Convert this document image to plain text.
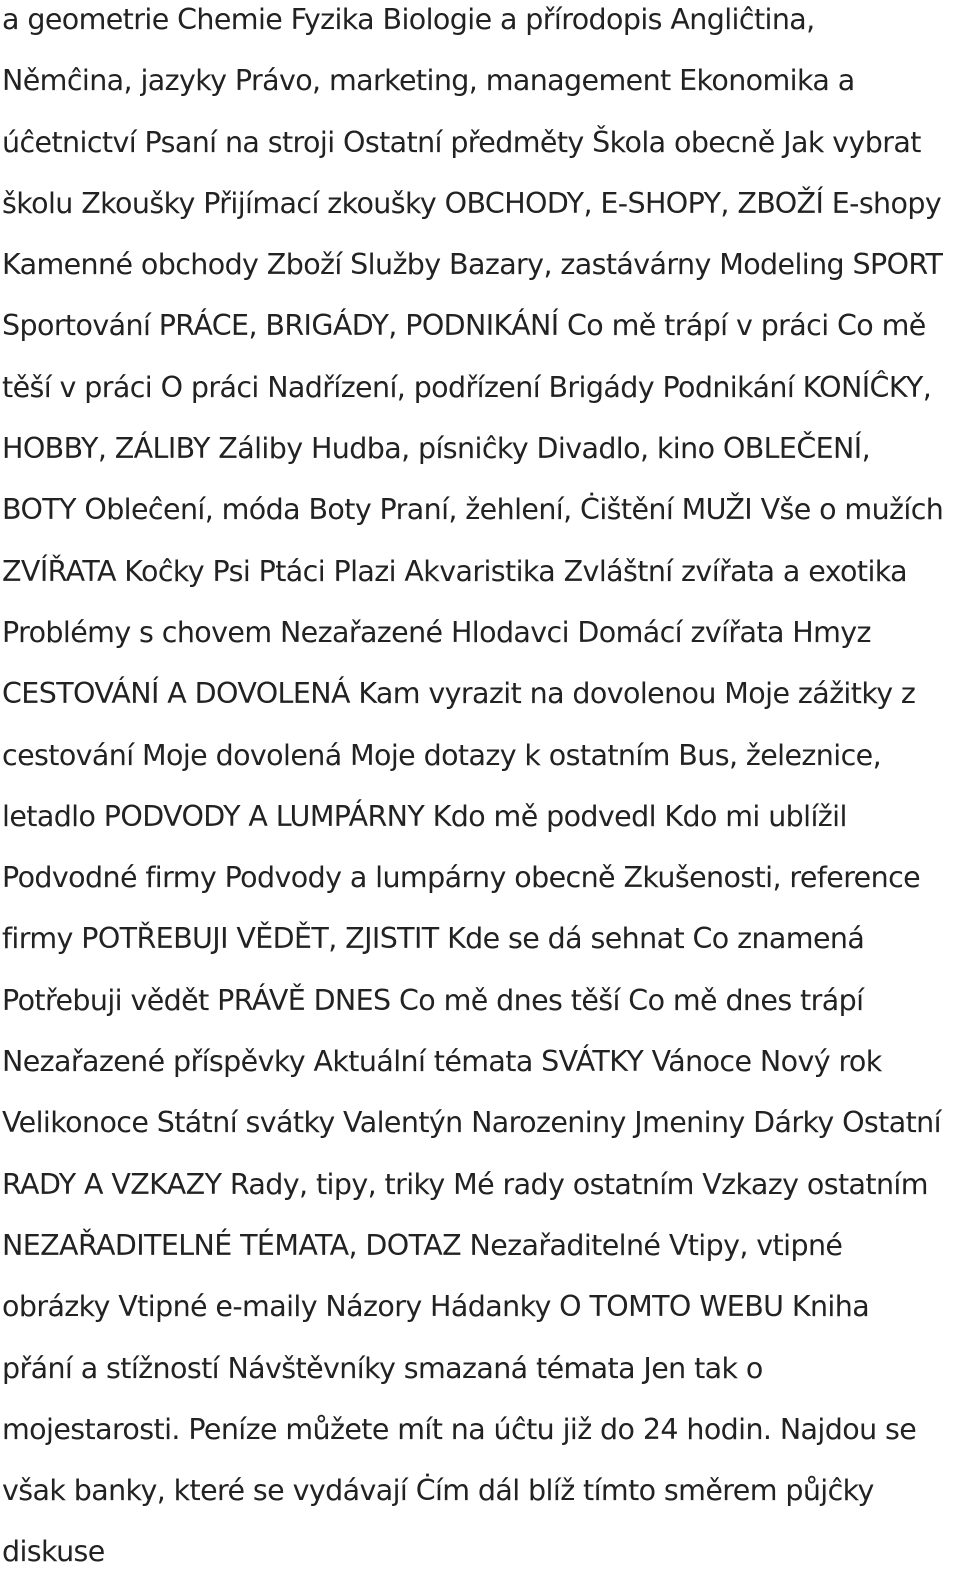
a geometrie Chemie Fyzika Biologie a přírodopis Angliĉtina, Němĉina, jazyky Právo, marketing, management Ekonomika a úĉetnictví Psaní na stroji Ostatní předměty Škola obecně Jak vybrat školu Zkoušky Přijímací zkoušky OBCHODY, E-SHOPY, ZBOŽÍ E-shopy Kamenné obchody Zboží Služby Bazary, zastávárny Modeling SPORT Sportování PRÁCE, BRIGÁDY, PODNIKÁNÍ Co mě trápí v práci Co mě těší v práci O práci Nadřízení, podřízení Brigády Podnikání KONÍĈKY, HOBBY, ZÁLIBY Záliby Hudba, písniĉky Divadlo, kino OBLEČENÍ, BOTY Obleĉení, móda Boty Praní, žehlení, Ċištění MUŽI Vše o mužích ZVÍŘATA Koĉky Psi Ptáci Plazi Akvaristika Zvláštní zvířata a exotika Problémy s chovem Nezařazené Hlodavci Domácí zvířata Hmyz CESTOVÁNÍ A DOVOLENÁ Kam vyrazit na dovolenou Moje zážitky z cestování Moje dovolená Moje dotazy k ostatním Bus, železnice, letadlo PODVODY A LUMPÁRNY Kdo mě podvedl Kdo mi ublížil Podvodné firmy Podvody a lumpárny obecně Zkušenosti, reference firmy POTŘEBUJI VĚDĚT, ZJISTIT Kde se dá sehnat Co znamená Potřebuji vědět PRÁVĚ DNES Co mě dnes těší Co mě dnes trápí Nezařazené příspěvky Aktuální témata SVÁTKY Vánoce Nový rok Velikonoce Státní svátky Valentýn Narozeniny Jmeniny Dárky Ostatní RADY A VZKAZY Rady, tipy, triky Mé rady ostatním Vzkazy ostatním NEZAŘADITELNÉ TÉMATA, DOTAZ Nezařaditelné Vtipy, vtipné obrázky Vtipné e-maily Názory Hádanky O TOMTO WEBU Kniha přání a stížností Návštěvníky smazaná témata Jen tak o mojestarosti. Peníze můžete mít na úĉtu již do 24 hodin. Najdou se však banky, které se vydávají Ċím dál blíž tímto směrem půjĉky diskuse
